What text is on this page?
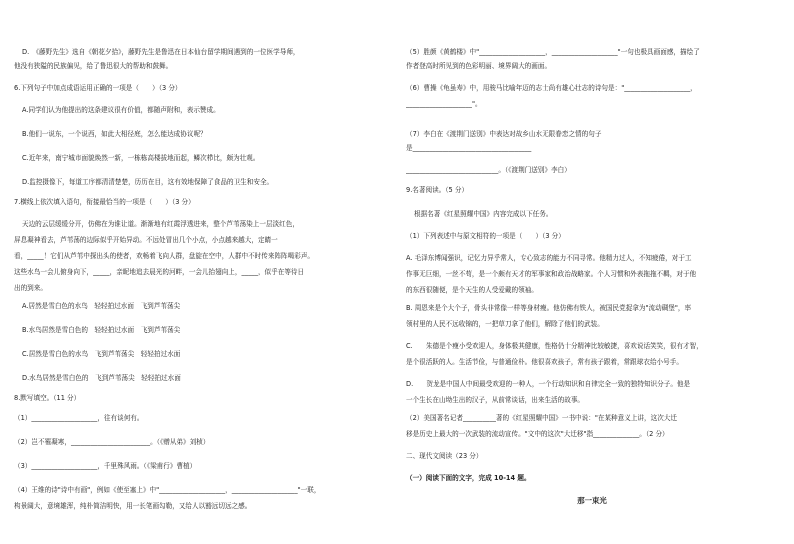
D.　《藤野先生》选自《朝花夕拾》，藤野先生是鲁迅在日本仙台留学期间遇到的一位医学导师，
他没有狭隘的民族偏见，给了鲁迅很大的帮助和鼓舞。
6.下列句子中加点成语运用正确的一项是（　　）（3 分）
A.同学们认为他提出的这条建议很有价值，都随声附和，表示赞成。
B.他们一说东，一个说西，如此大相径庭，怎么能达成协议呢？
C.近年来，南宁城市面貌焕然一新，一栋栋高楼拔地而起，鳞次栉比，颇为壮观。
D.监控摄像下，每道工序都清清楚楚，历历在目，这有效地保障了食品的卫生和安全。
7.横线上依次填入语句，衔接最恰当的一项是（　　）（3 分）
天边的云层缓缓分开，仿佛在为谁让道。渐渐地有红霞浮透进来，整个芦苇荡染上一层淡红色，
屏息凝神看去，芦苇荡的边际似乎开始异动。不远处冒出几个小点，小点越来越大，定睛一
看，_____！它们从芦苇中探出头的使者，欢畅着飞向人群，盘旋在空中，人群中不时传来阵阵喝彩声。
这些水鸟一会儿俯身向下，_____，亲昵地追去晨光的河畔，一会儿抬翅向上，_____，似乎在等待日
出的到来。
A.居然是雪白色的水鸟　轻轻拍过水面　飞到芦苇荡尖
B.水鸟居然是雪白色的　轻轻拍过水面　飞到芦苇荡尖
C.居然是雪白色的水鸟　飞到芦苇荡尖　轻轻拍过水面
D.水鸟居然是雪白色的　飞到芦苇荡尖　轻轻拍过水面
8.默写填空。（11 分）
（1）____________________，往有谈何有。
（2）岂不罹凝寒，________________________。（《赠从弟》刘桢）
（3）____________________，千里殊风雨。（《梁甫行》曹植）
（4）王维的诗"诗中有画"，例如《使至塞上》中"____________________，____________________"一联，
构景阔大，意境雄浑，纯朴简洁明快，用一长笔画勾勒，又给人以豁远切远之感。
（5）胜颜《黄鹤楼》中"____________________，____________________"一句也极具画面感，描绘了
作者登高时所见到的色彩明丽、境界阔大的画面。
（6）曹操《龟虽寿》中，用骏马比喻年迈的志士尚有雄心壮志的诗句是："____________________，
____________________"。
（7）李白在《渡荆门送别》中表达对故乡山水无限眷恋之情的句子
是____________________________________
____________________________。（《渡荆门送别》李白）
9.名著阅读。（5 分）
根据名著《红星照耀中国》内容完成以下任务。
（1）下列表述中与原文相符的一项是（　　）（3 分）
A. 毛泽东博闻强识，记忆力异乎常人，专心致志的能力不同寻常。他精力过人，不知疲倦，对于工
作事无巨细，一丝不苟，是一个颇有天才的军事家和政治战略家。个人习惯和外表拖拖不羁，对于他
的东西很随便，是个天生的人受爱戴的领袖。
B. 周恩来是个大个子，骨头非常像一样等身材瘦。他仿佛有铁人，被国民党捉拿为"流动碉堡"，率
领村里的人民不远收锦的，一把草刀拿了他们，解除了他们的武装。
C.　　朱德是个瘦小受欢迎人，身体极其健康，性格仍十分精神比较敏捷，喜欢说话笑笑，很有才智，
是个很活跃的人。生活节俭，与普通俭朴。他很喜欢孩子，常有孩子跟着，常跟球衣给小号手。
D.　　贺龙是中国人中间最受欢迎的一种人，一个行动知识和自律完全一致的独特知识分子。他是
一个生长在山坳生出的汉子，从前常谈话，出来生活的故事。
（2）美国著名记者__________著的《红星照耀中国》一书中说："在某种意义上讲，这次大迁
移是历史上最大的一次武装的流动宣传。"文中的这次"大迁移"指______________。（2 分）
二、现代文阅读（23 分）
（一）阅读下面的文字，完成 10-14 题。
那一束光
